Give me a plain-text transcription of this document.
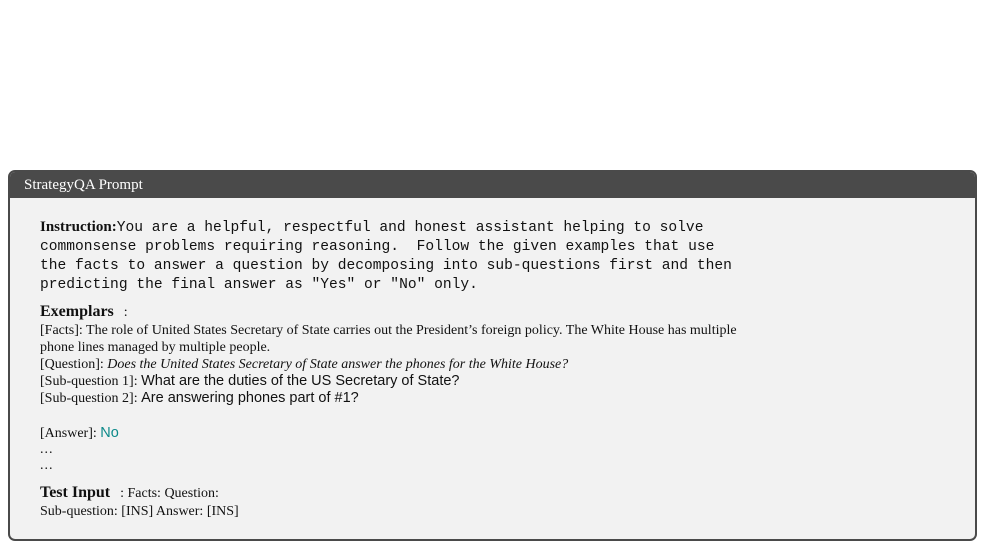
StrategyQA Prompt
Instruction:You are a helpful, respectful and honest assistant helping to solve
commonsense problems requiring reasoning.  Follow the given examples that use
the facts to answer a question by decomposing into sub-questions first and then
predicting the final answer as "Yes" or "No" only.
Exemplars :
[Facts]: The role of United States Secretary of State carries out the President’s foreign policy. The White House has multiple
phone lines managed by multiple people.
[Question]: Does the United States Secretary of State answer the phones for the White House?
[Sub-question 1]: What are the duties of the US Secretary of State?
[Sub-question 2]: Are answering phones part of #1?
[Answer]: No
...
...
Test Input : Facts: Question:
Sub-question: [INS] Answer: [INS]
